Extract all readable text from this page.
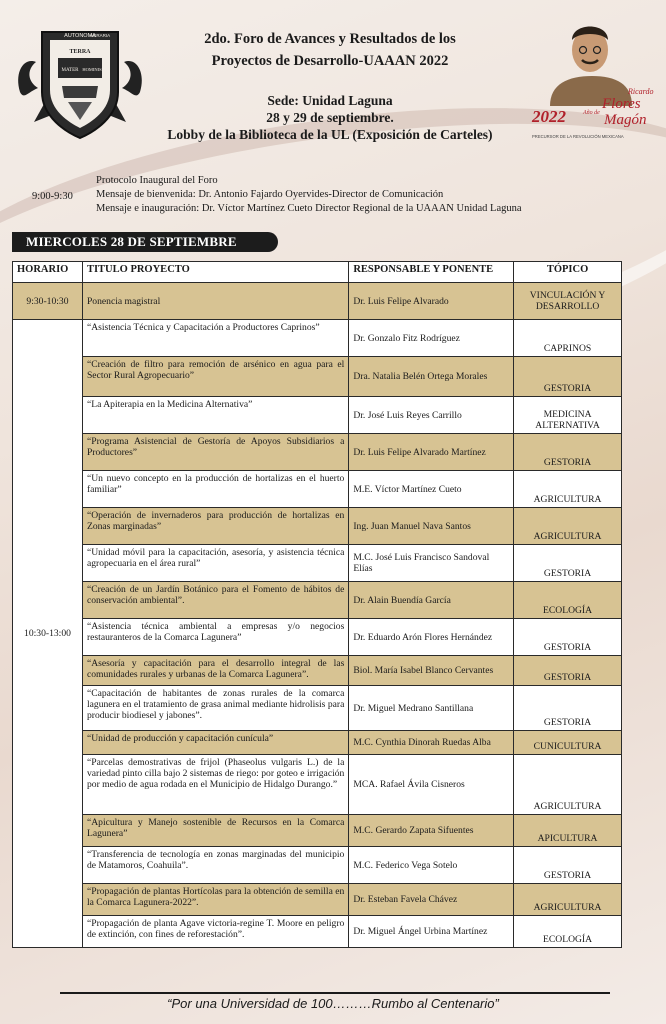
AUTONOMA
AGRARIA
TERRA
MATER HOMINIS
2022
Ricardo
Flores
Magón
Año de
PRECURSOR DE LA REVOLUCIÓN MEXICANA
2do. Foro de Avances y Resultados de los
Proyectos de Desarrollo-UAAAN 2022
Sede: Unidad Laguna
28 y 29 de septiembre.
Lobby de la Biblioteca de la UL (Exposición de Carteles)
9:00-9:30
Protocolo Inaugural del Foro
Mensaje de bienvenida: Dr. Antonio Fajardo Oyervides-Director de Comunicación
Mensaje e inauguración: Dr. Víctor Martínez Cueto Director Regional de la UAAAN Unidad Laguna
MIERCOLES 28 DE SEPTIEMBRE
HORARIO	TITULO PROYECTO	RESPONSABLE Y PONENTE	TÓPICO
9:30-10:30	Ponencia magistral	Dr. Luis Felipe Alvarado	VINCULACIÓN Y DESARROLLO
10:30-13:00	“Asistencia Técnica y Capacitación a Productores Caprinos”	Dr. Gonzalo Fitz Rodríguez	CAPRINOS
	“Creación de filtro para remoción de arsénico en agua para el Sector Rural Agropecuario”	Dra. Natalia Belén Ortega Morales	GESTORIA
	“La Apiterapia en la Medicina Alternativa”	Dr. José Luis Reyes Carrillo	MEDICINA ALTERNATIVA
	“Programa Asistencial de Gestoría de Apoyos Subsidiarios a Productores”	Dr. Luis Felipe Alvarado Martínez	GESTORIA
	“Un nuevo concepto en la producción de hortalizas en el huerto familiar”	M.E. Víctor Martínez Cueto	AGRICULTURA
	“Operación de invernaderos para producción de hortalizas en Zonas marginadas”	Ing. Juan Manuel Nava Santos	AGRICULTURA
	“Unidad móvil para la capacitación, asesoría, y asistencia técnica agropecuaria en el área rural”	M.C. José Luis Francisco Sandoval Elías	GESTORIA
	“Creación de un Jardín Botánico para el Fomento de hábitos de conservación ambiental”.	Dr. Alain Buendía García	ECOLOGÍA
	“Asistencia técnica ambiental a empresas y/o negocios restauranteros de la Comarca Lagunera”	Dr. Eduardo Arón Flores Hernández	GESTORIA
	“Asesoría y capacitación para el desarrollo integral de las comunidades rurales y urbanas de la Comarca Lagunera”.	Biol. María Isabel Blanco Cervantes	GESTORIA
	“Capacitación de habitantes de zonas rurales de la comarca lagunera en el tratamiento de grasa animal mediante hidrolisis para producir biodiesel y jabones”.	Dr. Miguel Medrano Santillana	GESTORIA
	“Unidad de producción y capacitación cunícula”	M.C. Cynthia Dinorah Ruedas Alba	CUNICULTURA
	“Parcelas demostrativas de frijol (Phaseolus vulgaris L.) de la variedad pinto cilla bajo 2 sistemas de riego: por goteo e irrigación por medio de agua rodada en el Municipio de Hidalgo Durango.”	MCA. Rafael Ávila Cisneros	AGRICULTURA
	“Apicultura y Manejo sostenible de Recursos en la Comarca Lagunera”	M.C. Gerardo Zapata Sifuentes	APICULTURA
	“Transferencia de tecnología en zonas marginadas del municipio de Matamoros, Coahuila”.	M.C. Federico Vega Sotelo	GESTORIA
	“Propagación de plantas Hortícolas para la obtención de semilla en la Comarca Lagunera-2022”.	Dr. Esteban Favela Chávez	AGRICULTURA
	“Propagación de planta Agave victoria-regine T. Moore en peligro de extinción, con fines de reforestación”.	Dr. Miguel Ángel Urbina Martínez	ECOLOGÍA
“Por una Universidad de 100………Rumbo al Centenario”
